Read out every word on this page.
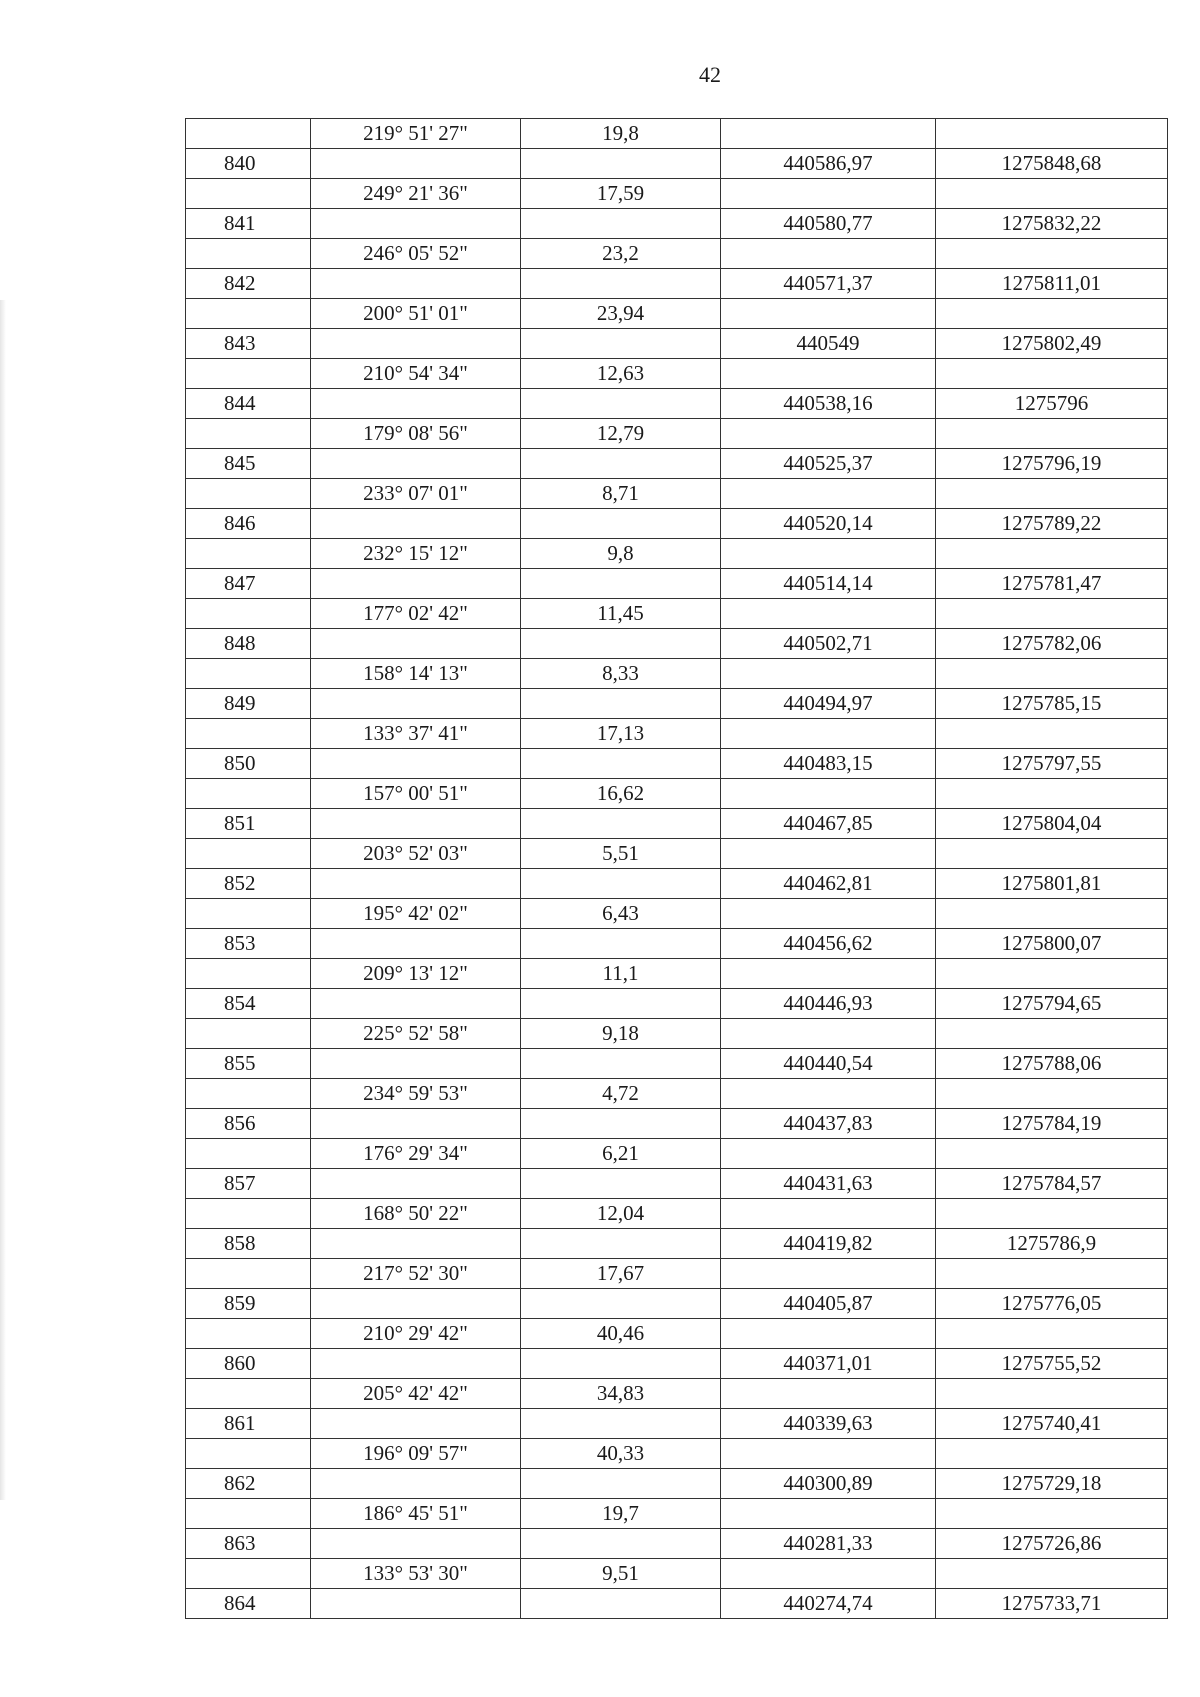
42
	219° 51' 27"	19,8		
840			440586,97	1275848,68
	249° 21' 36"	17,59		
841			440580,77	1275832,22
	246° 05' 52"	23,2		
842			440571,37	1275811,01
	200° 51' 01"	23,94		
843			440549	1275802,49
	210° 54' 34"	12,63		
844			440538,16	1275796
	179° 08' 56"	12,79		
845			440525,37	1275796,19
	233° 07' 01"	8,71		
846			440520,14	1275789,22
	232° 15' 12"	9,8		
847			440514,14	1275781,47
	177° 02' 42"	11,45		
848			440502,71	1275782,06
	158° 14' 13"	8,33		
849			440494,97	1275785,15
	133° 37' 41"	17,13		
850			440483,15	1275797,55
	157° 00' 51"	16,62		
851			440467,85	1275804,04
	203° 52' 03"	5,51		
852			440462,81	1275801,81
	195° 42' 02"	6,43		
853			440456,62	1275800,07
	209° 13' 12"	11,1		
854			440446,93	1275794,65
	225° 52' 58"	9,18		
855			440440,54	1275788,06
	234° 59' 53"	4,72		
856			440437,83	1275784,19
	176° 29' 34"	6,21		
857			440431,63	1275784,57
	168° 50' 22"	12,04		
858			440419,82	1275786,9
	217° 52' 30"	17,67		
859			440405,87	1275776,05
	210° 29' 42"	40,46		
860			440371,01	1275755,52
	205° 42' 42"	34,83		
861			440339,63	1275740,41
	196° 09' 57"	40,33		
862			440300,89	1275729,18
	186° 45' 51"	19,7		
863			440281,33	1275726,86
	133° 53' 30"	9,51		
864			440274,74	1275733,71
